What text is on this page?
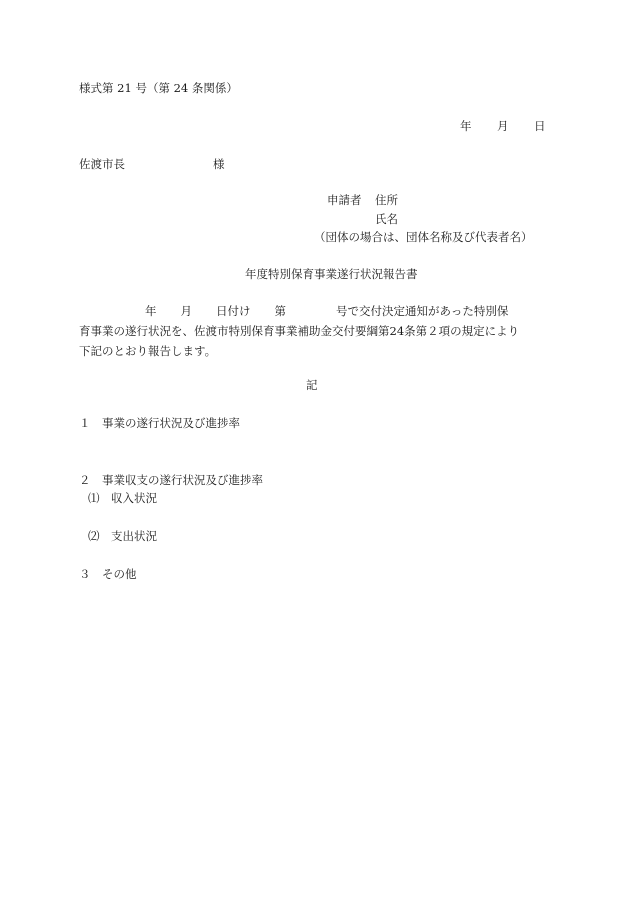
様式第 21 号（第 24 条関係）
年 月 日
佐渡市長	様
申請者 住所
氏名
（団体の場合は、団体名称及び代表者名）
年度特別保育事業遂行状況報告書
年 月 日付け 第	号で交付決定通知があった特別保
育事業の遂行状況を、佐渡市特別保育事業補助金交付要綱第24条第２項の規定により
下記のとおり報告します。
記
１　事業の遂行状況及び進捗率
２　事業収支の遂行状況及び進捗率
⑴　収入状況
⑵　支出状況
３　その他
